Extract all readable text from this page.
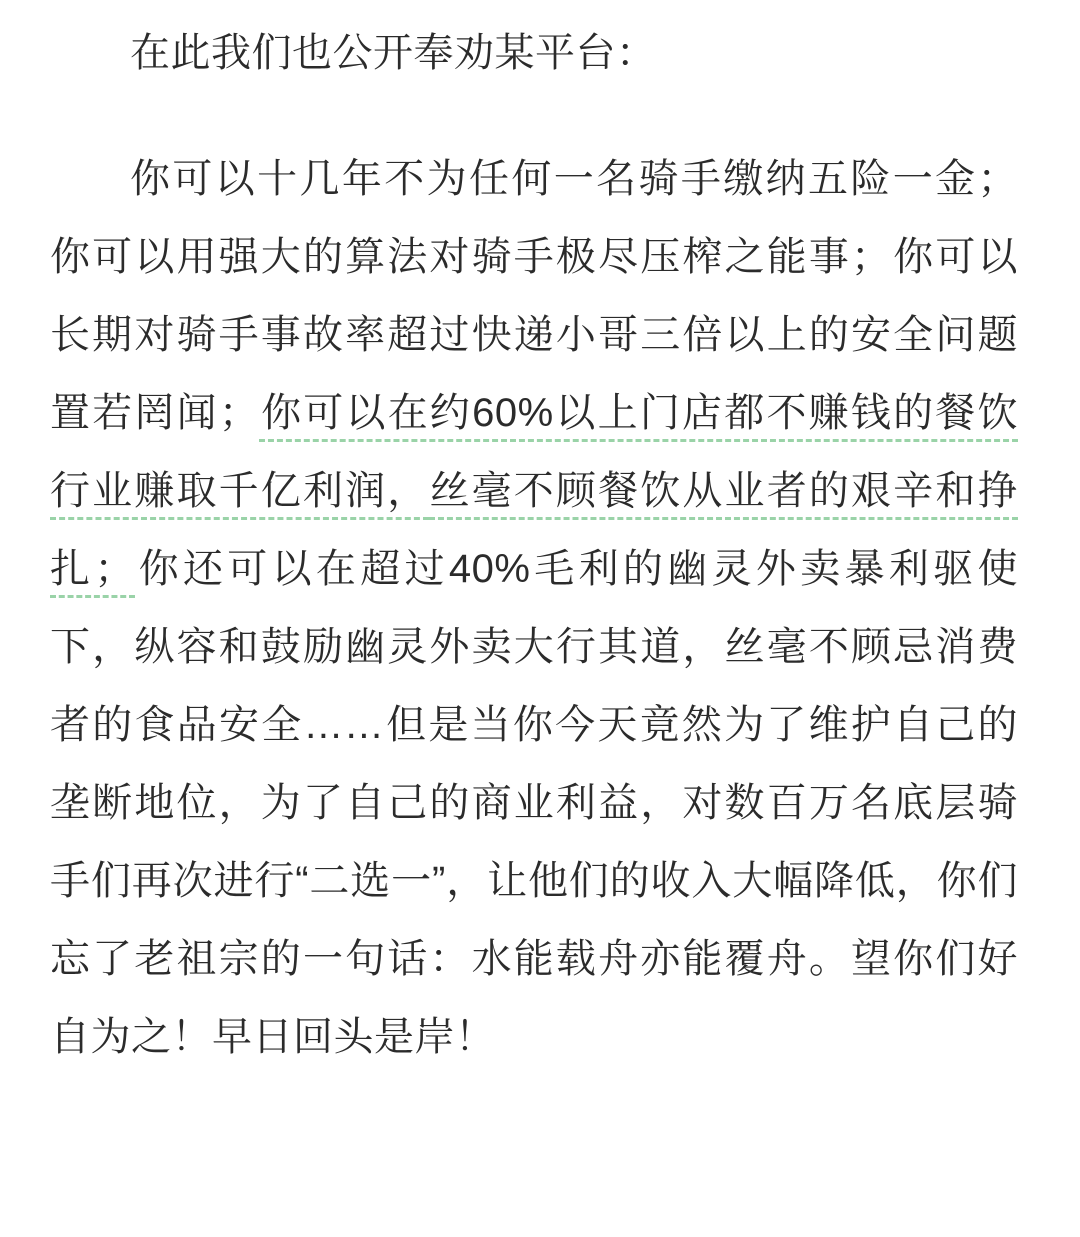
在此我们也公开奉劝某平台：

你可以十几年不为任何一名骑手缴纳五险一金；你可以用强大的算法对骑手极尽压榨之能事；你可以长期对骑手事故率超过快递小哥三倍以上的安全问题置若罔闻；你可以在约60%以上门店都不赚钱的餐饮行业赚取千亿利润，丝毫不顾餐饮从业者的艰辛和挣扎；你还可以在超过40%毛利的幽灵外卖暴利驱使下，纵容和鼓励幽灵外卖大行其道，丝毫不顾忌消费者的食品安全……但是当你今天竟然为了维护自己的垄断地位，为了自己的商业利益，对数百万名底层骑手们再次进行“二选一”，让他们的收入大幅降低，你们忘了老祖宗的一句话：水能载舟亦能覆舟。望你们好自为之！早日回头是岸！
